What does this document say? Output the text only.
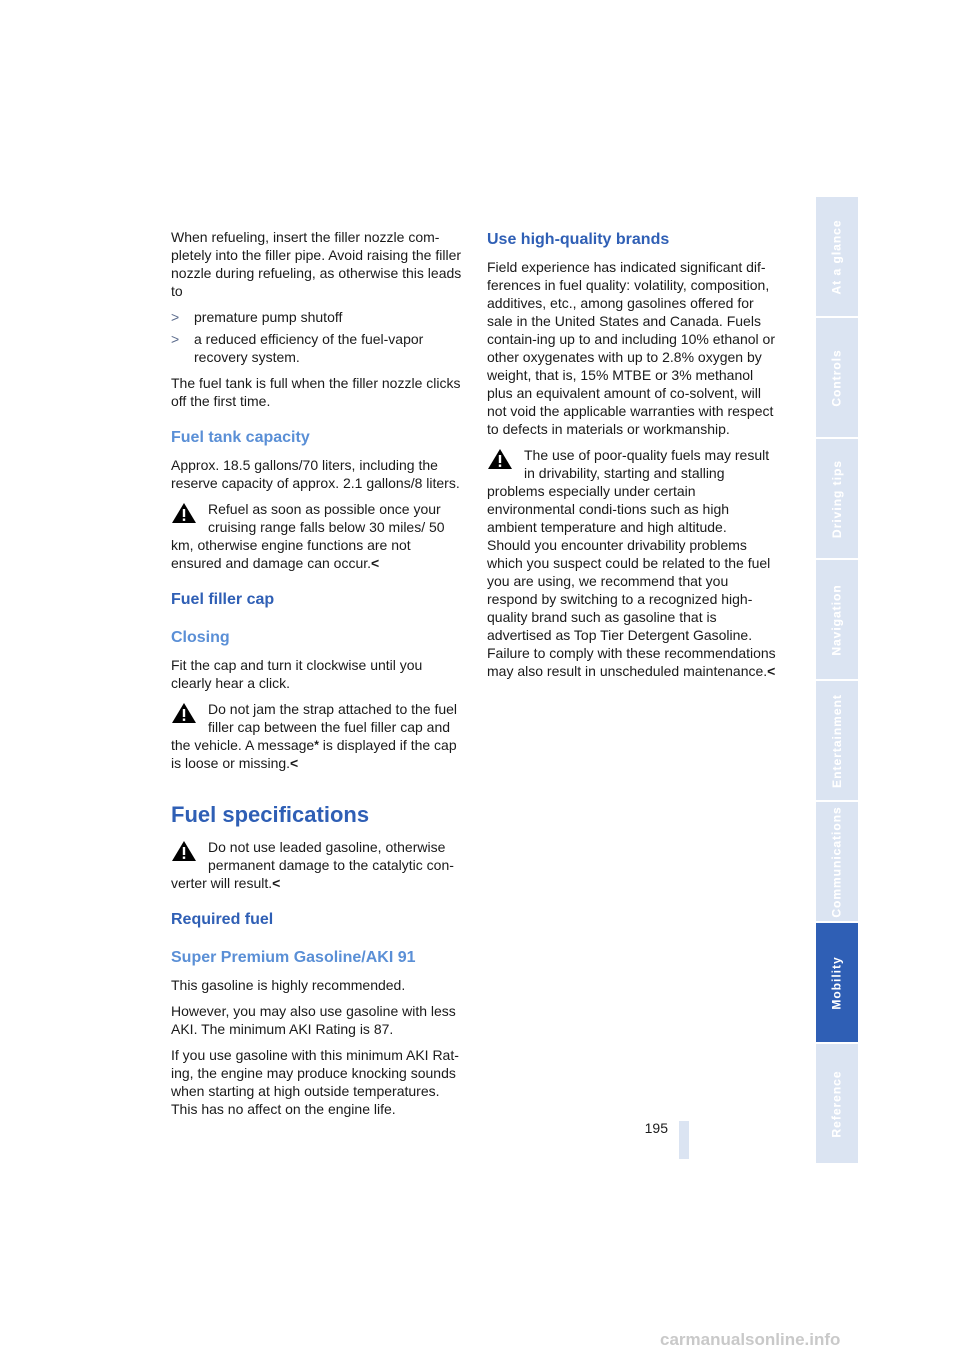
When refueling, insert the filler nozzle com-pletely into the filler pipe. Avoid raising the filler nozzle during refueling, as otherwise this leads to

> premature pump shutoff
> a reduced efficiency of the fuel-vapor recovery system.

The fuel tank is full when the filler nozzle clicks off the first time.

Fuel tank capacity

Approx. 18.5 gallons/70 liters, including the reserve capacity of approx. 2.1 gallons/8 liters.

Refuel as soon as possible once your cruising range falls below 30 miles/ 50 km, otherwise engine functions are not ensured and damage can occur.<
Fuel filler cap
Closing

Fit the cap and turn it clockwise until you clearly hear a click.

Do not jam the strap attached to the fuel filler cap between the fuel filler cap and the vehicle. A message* is displayed if the cap is loose or missing.<
Fuel specifications
Do not use leaded gasoline, otherwise permanent damage to the catalytic con-verter will result.<
Required fuel
Super Premium Gasoline/AKI 91

This gasoline is highly recommended.

However, you may also use gasoline with less AKI. The minimum AKI Rating is 87.

If you use gasoline with this minimum AKI Rat-ing, the engine may produce knocking sounds when starting at high outside temperatures. This has no affect on the engine life.

Use high-quality brands

Field experience has indicated significant dif-ferences in fuel quality: volatility, composition, additives, etc., among gasolines offered for sale in the United States and Canada. Fuels contain-ing up to and including 10% ethanol or other oxygenates with up to 2.8% oxygen by weight, that is, 15% MTBE or 3% methanol plus an equivalent amount of co-solvent, will not void the applicable warranties with respect to defects in materials or workmanship.

The use of poor-quality fuels may result in drivability, starting and stalling problems especially under certain environmental condi-tions such as high ambient temperature and high altitude.
Should you encounter drivability problems which you suspect could be related to the fuel you are using, we recommend that you respond by switching to a recognized high-quality brand such as gasoline that is advertised as Top Tier Detergent Gasoline.
Failure to comply with these recommendations may also result in unscheduled maintenance.<
At a glance
Controls
Driving tips
Navigation
Entertainment
Communications
Mobility
Reference
195
carmanualsonline.info
